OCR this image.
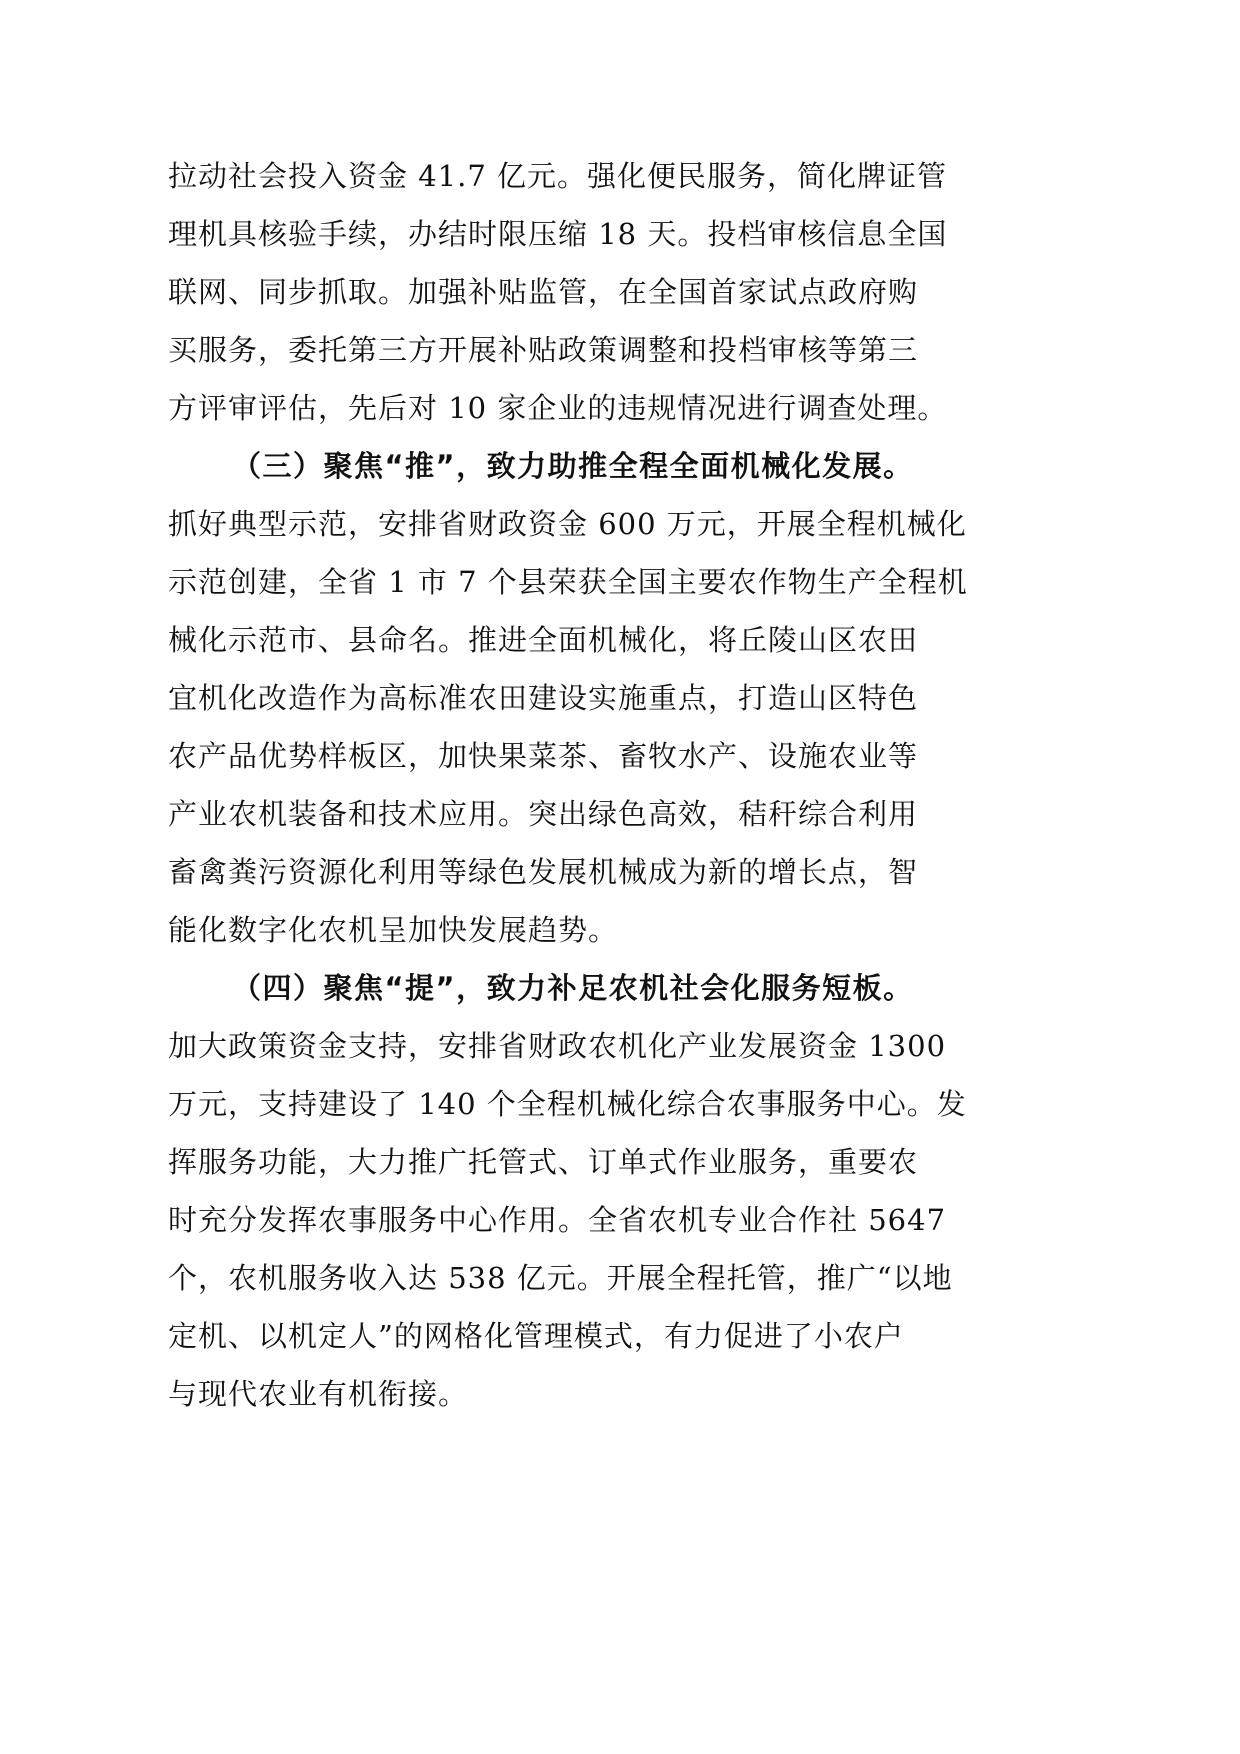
拉动社会投入资金 41.7 亿元。强化便民服务，简化牌证管
理机具核验手续，办结时限压缩 18 天。投档审核信息全国
联网、同步抓取。加强补贴监管，在全国首家试点政府购
买服务，委托第三方开展补贴政策调整和投档审核等第三
方评审评估，先后对 10 家企业的违规情况进行调查处理。
（三）聚焦“推”，致力助推全程全面机械化发展。
抓好典型示范，安排省财政资金 600 万元，开展全程机械化
示范创建，全省 1 市 7 个县荣获全国主要农作物生产全程机
械化示范市、县命名。推进全面机械化，将丘陵山区农田
宜机化改造作为高标准农田建设实施重点，打造山区特色
农产品优势样板区，加快果菜茶、畜牧水产、设施农业等
产业农机装备和技术应用。突出绿色高效，秸秆综合利用
畜禽粪污资源化利用等绿色发展机械成为新的增长点，智
能化数字化农机呈加快发展趋势。
（四）聚焦“提”，致力补足农机社会化服务短板。
加大政策资金支持，安排省财政农机化产业发展资金 1300
万元，支持建设了 140 个全程机械化综合农事服务中心。发
挥服务功能，大力推广托管式、订单式作业服务，重要农
时充分发挥农事服务中心作用。全省农机专业合作社 5647
个，农机服务收入达 538 亿元。开展全程托管，推广“以地
定机、以机定人”的网格化管理模式，有力促进了小农户
与现代农业有机衔接。
